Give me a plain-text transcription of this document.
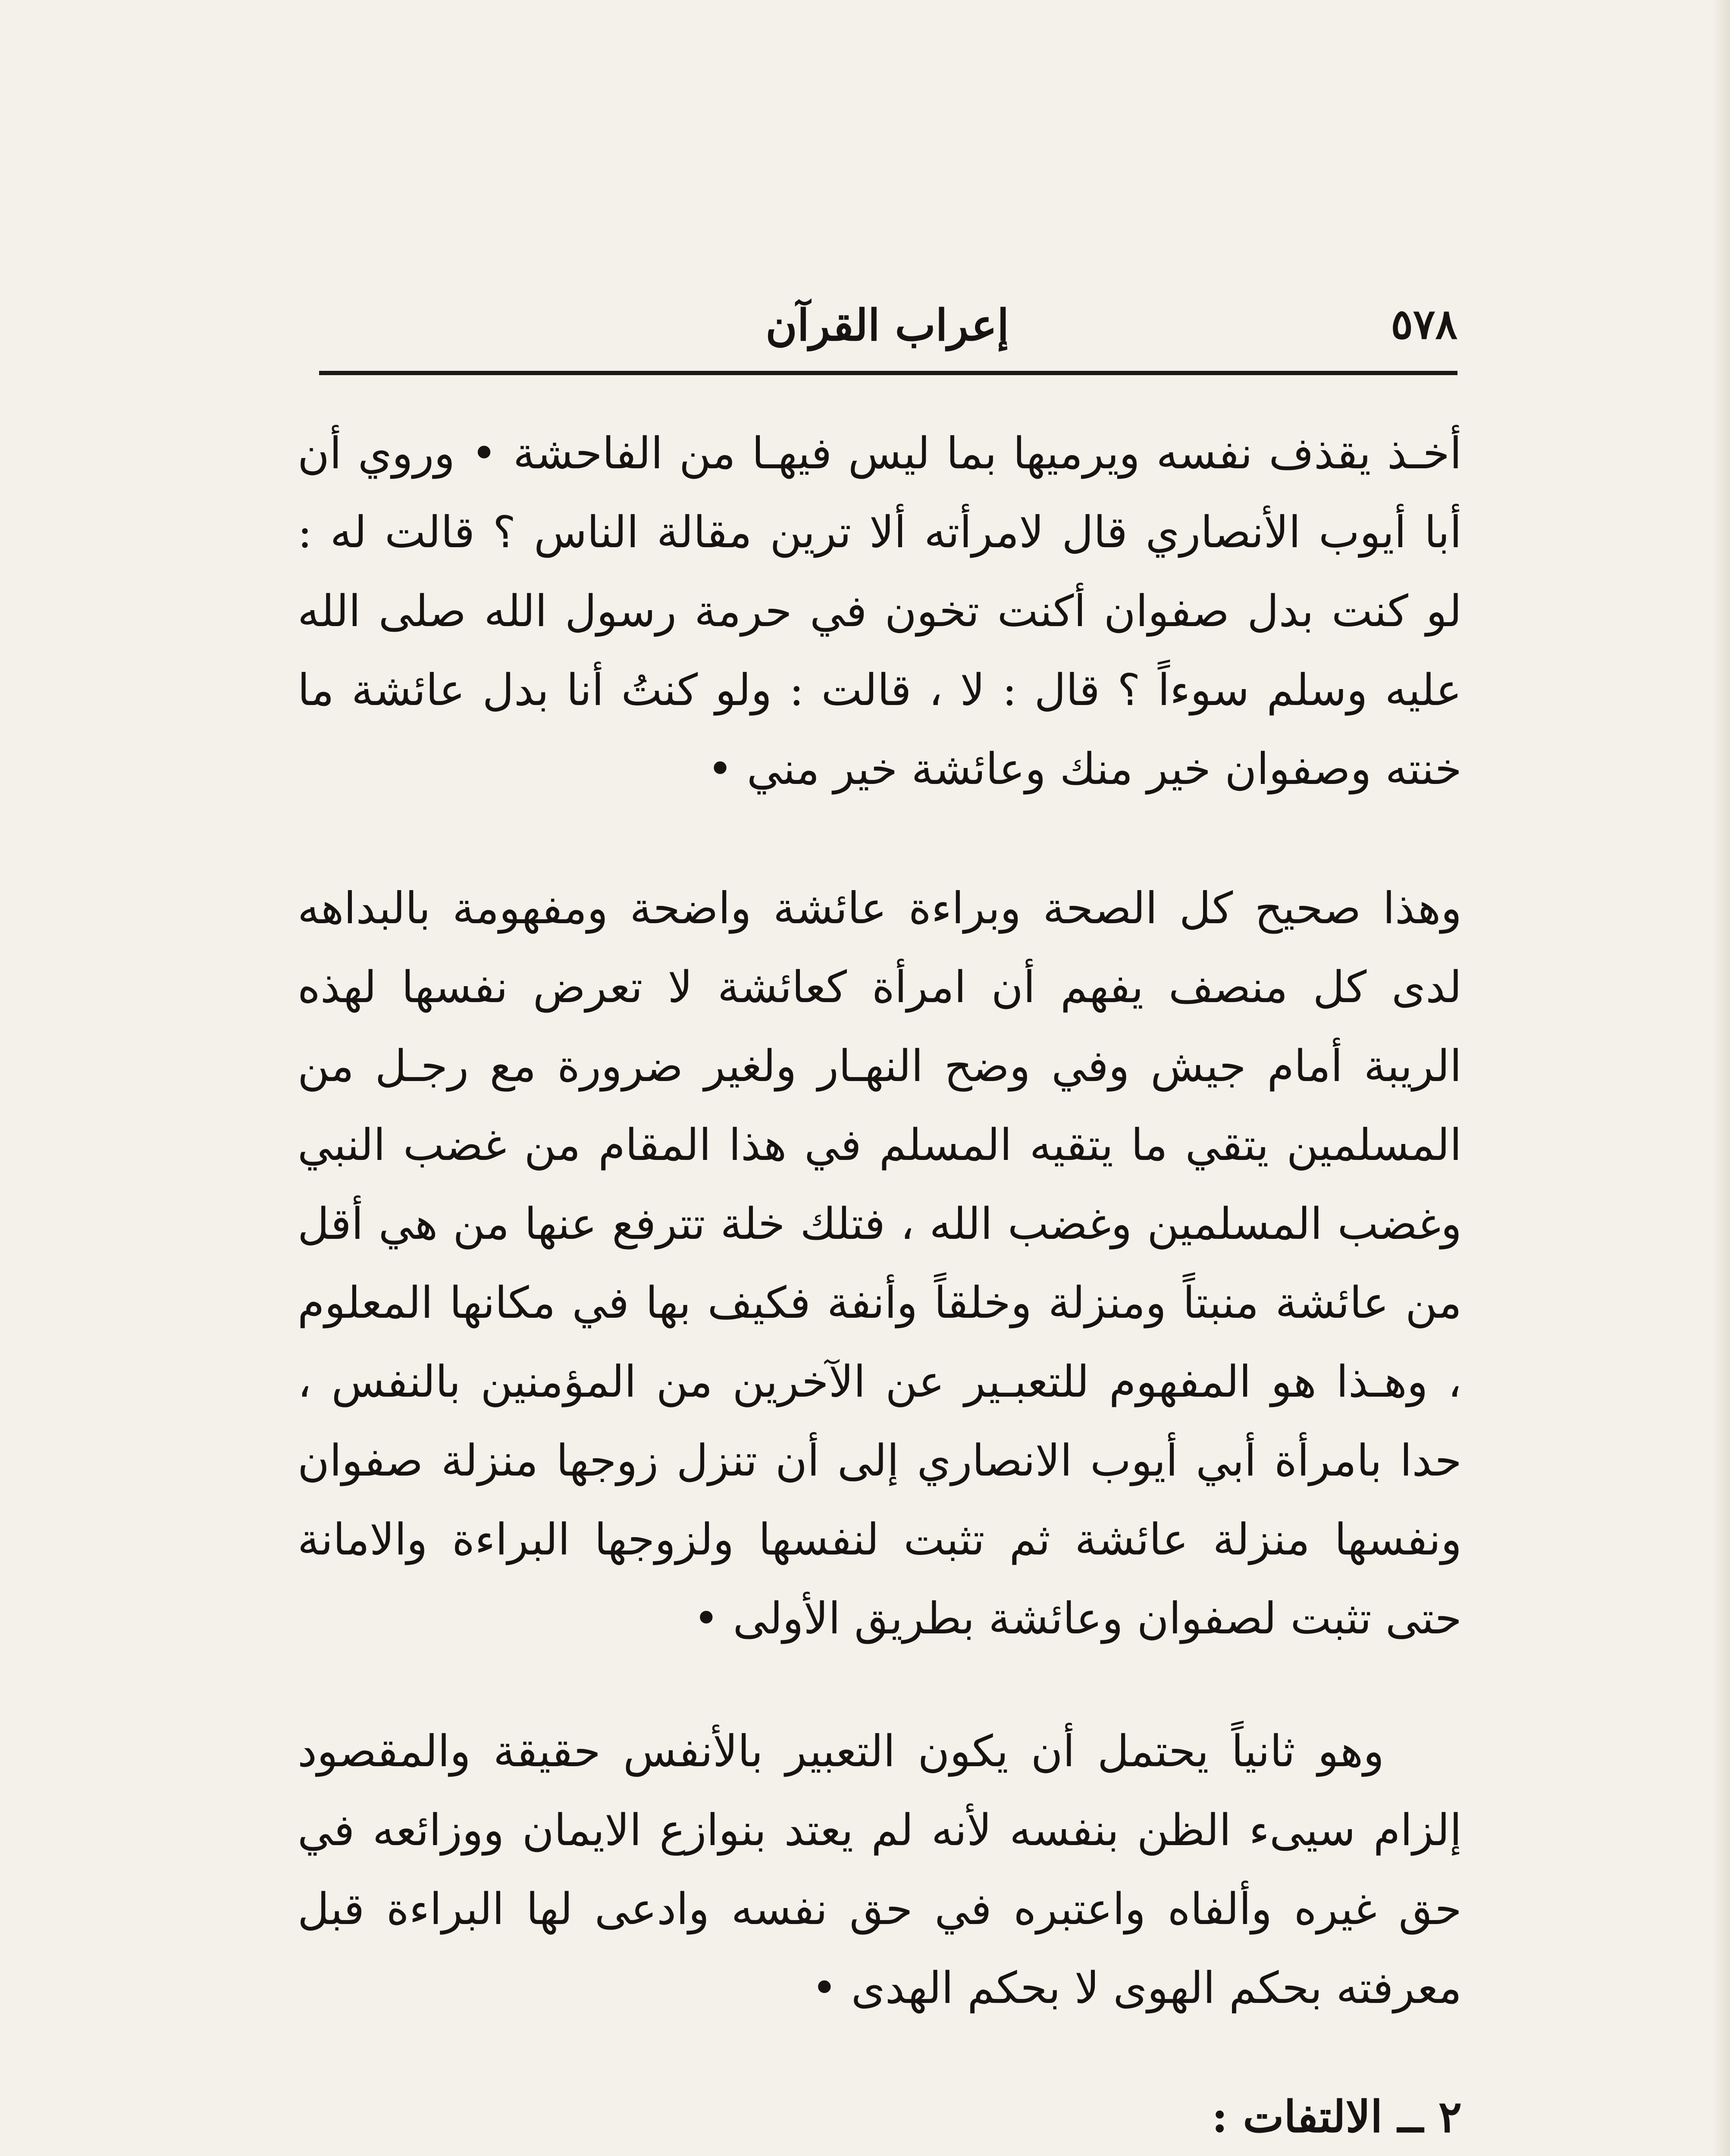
٥٧٨
إعراب القرآن

أخـذ يقذف نفسه ويرميها بما ليس فيهـا من الفاحشة • وروي أن أبا أيوب الأنصاري قال لامرأته ألا ترين مقالة الناس ؟ قالت له : لو كنت بدل صفوان أكنت تخون في حرمة رسول الله صلى الله عليه وسلم سوءاً ؟ قال : لا ، قالت : ولو كنتُ أنا بدل عائشة ما خنته وصفوان خير منك وعائشة خير مني •

وهذا صحيح كل الصحة وبراءة عائشة واضحة ومفهومة بالبداهه لدى كل منصف يفهم أن امرأة كعائشة لا تعرض نفسها لهذه الريبة أمام جيش وفي وضح النهـار ولغير ضرورة مع رجـل من المسلمين يتقي ما يتقيه المسلم في هذا المقام من غضب النبي وغضب المسلمين وغضب الله ، فتلك خلة تترفع عنها من هي أقل من عائشة منبتاً ومنزلة وخلقاً وأنفة فكيف بها في مكانها المعلوم ، وهـذا هو المفهوم للتعبـير عن الآخرين من المؤمنين بالنفس ، حدا بامرأة أبي أيوب الانصاري إلى أن تنزل زوجها منزلة صفوان ونفسها منزلة عائشة ثم تثبت لنفسها ولزوجها البراءة والامانة حتى تثبت لصفوان وعائشة بطريق الأولى •

وهو ثانياً يحتمل أن يكون التعبير بالأنفس حقيقة والمقصود إلزام سيىء الظن بنفسه لأنه لم يعتد بنوازع الايمان ووزائعه في حق غيره وألفاه واعتبره في حق نفسه وادعى لها البراءة قبل معرفته بحكم الهوى لا بحكم الهدى •

٢ ــ الالتفات :
